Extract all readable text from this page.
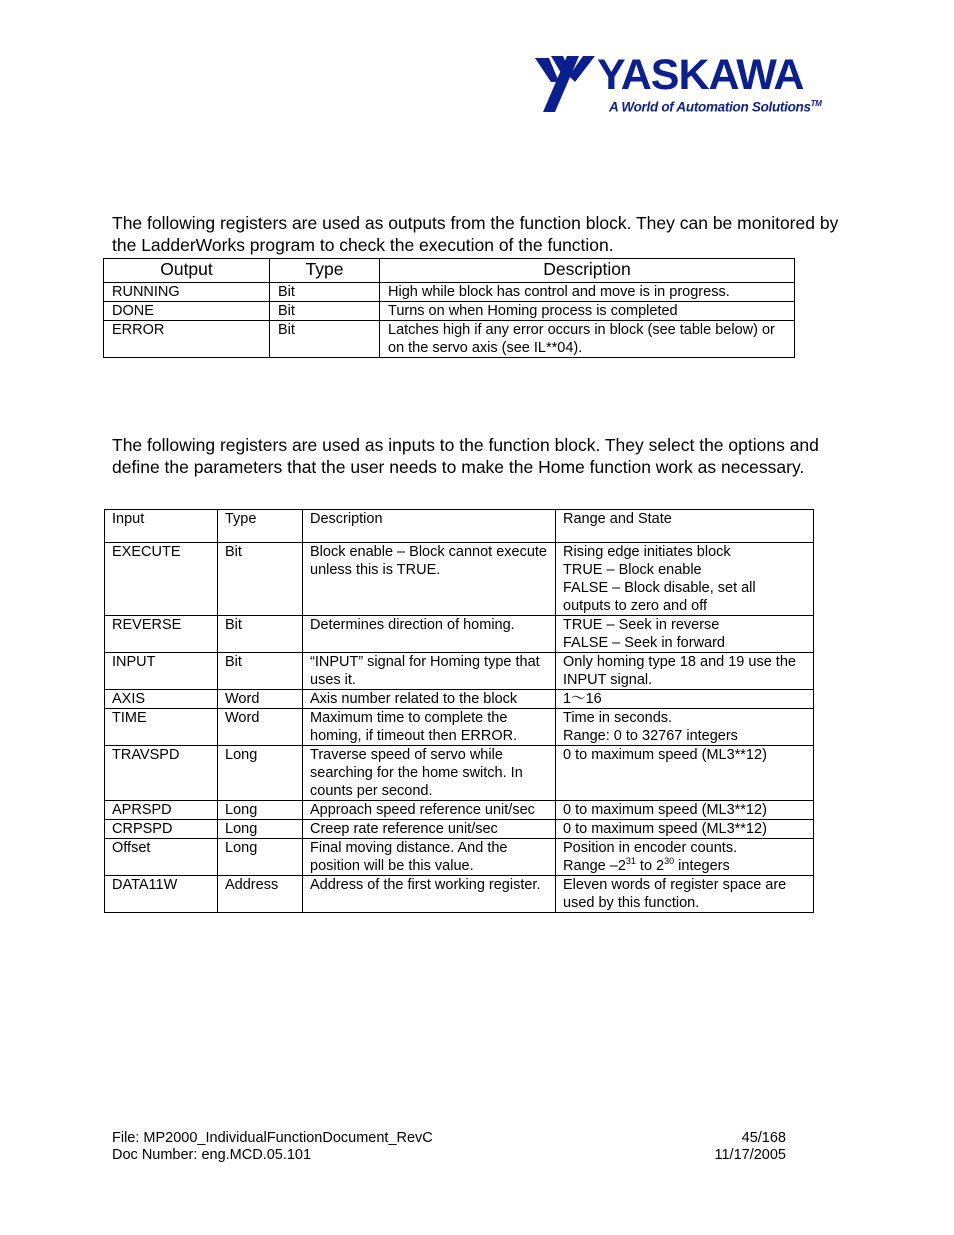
YASKAWA
A World of Automation Solutions™

The following registers are used as outputs from the function block. They can be monitored by the LadderWorks program to check the execution of the function.

Output	Type	Description
RUNNING	Bit	High while block has control and move is in progress.
DONE	Bit	Turns on when Homing process is completed
ERROR	Bit	Latches high if any error occurs in block (see table below) or on the servo axis (see IL**04).

The following registers are used as inputs to the function block. They select the options and define the parameters that the user needs to make the Home function work as necessary.

Input	Type	Description	Range and State
EXECUTE	Bit	Block enable – Block cannot execute unless this is TRUE.	Rising edge initiates block
TRUE – Block enable
FALSE – Block disable, set all outputs to zero and off
REVERSE	Bit	Determines direction of homing.	TRUE – Seek in reverse
FALSE – Seek in forward
INPUT	Bit	“INPUT” signal for Homing type that uses it.	Only homing type 18 and 19 use the INPUT signal.
AXIS	Word	Axis number related to the block	1～16
TIME	Word	Maximum time to complete the homing, if timeout then ERROR.	Time in seconds.
Range: 0 to 32767 integers
TRAVSPD	Long	Traverse speed of servo while searching for the home switch. In counts per second.	0 to maximum speed (ML3**12)
APRSPD	Long	Approach speed reference unit/sec	0 to maximum speed (ML3**12)
CRPSPD	Long	Creep rate reference unit/sec	0 to maximum speed (ML3**12)
Offset	Long	Final moving distance. And the position will be this value.	Position in encoder counts.
Range $-2^{31}$ to $2^{30}$ integers

DATA11W	Address	Address of the first working register.	Eleven words of register space are used by this function.
File: MP2000_IndividualFunctionDocument_RevC
Doc Number: eng.MCD.05.101
45/168
11/17/2005
